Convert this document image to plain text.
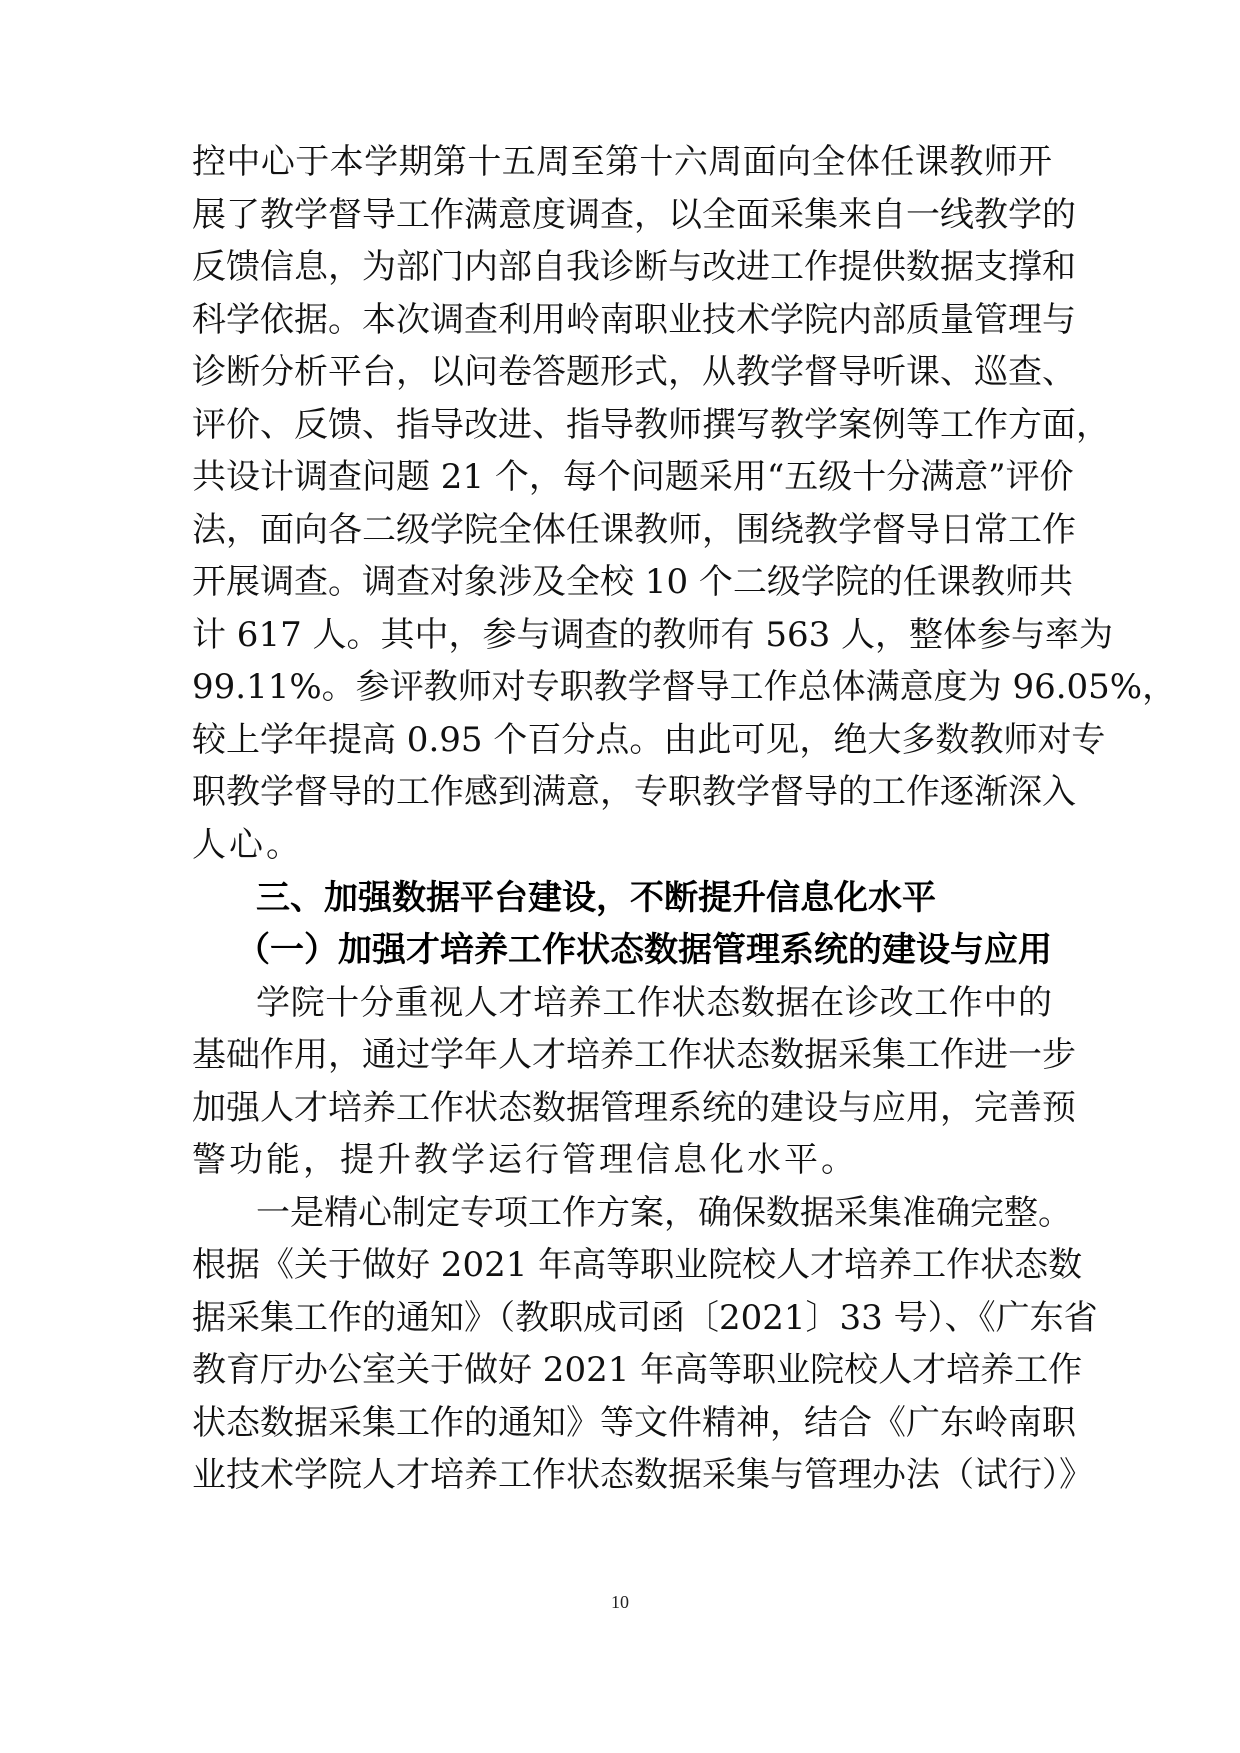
控中心于本学期第十五周至第十六周面向全体任课教师开
展了教学督导工作满意度调查，以全面采集来自一线教学的
反馈信息，为部门内部自我诊断与改进工作提供数据支撑和
科学依据。本次调查利用岭南职业技术学院内部质量管理与
诊断分析平台，以问卷答题形式，从教学督导听课、巡查、
评价、反馈、指导改进、指导教师撰写教学案例等工作方面，
共设计调查问题 21 个，每个问题采用“五级十分满意”评价
法，面向各二级学院全体任课教师，围绕教学督导日常工作
开展调查。调查对象涉及全校 10 个二级学院的任课教师共
计 617 人。其中，参与调查的教师有 563 人，整体参与率为
99.11%。参评教师对专职教学督导工作总体满意度为 96.05%，
较上学年提高 0.95 个百分点。由此可见，绝大多数教师对专
职教学督导的工作感到满意，专职教学督导的工作逐渐深入
人心。
三、加强数据平台建设，不断提升信息化水平
（一）加强才培养工作状态数据管理系统的建设与应用
学院十分重视人才培养工作状态数据在诊改工作中的
基础作用，通过学年人才培养工作状态数据采集工作进一步
加强人才培养工作状态数据管理系统的建设与应用，完善预
警功能，提升教学运行管理信息化水平。
一是精心制定专项工作方案，确保数据采集准确完整。
根据《关于做好 2021 年高等职业院校人才培养工作状态数
据采集工作的通知》（教职成司函〔2021〕33 号）、《广东省
教育厅办公室关于做好 2021 年高等职业院校人才培养工作
状态数据采集工作的通知》等文件精神，结合《广东岭南职
业技术学院人才培养工作状态数据采集与管理办法（试行）》
10
